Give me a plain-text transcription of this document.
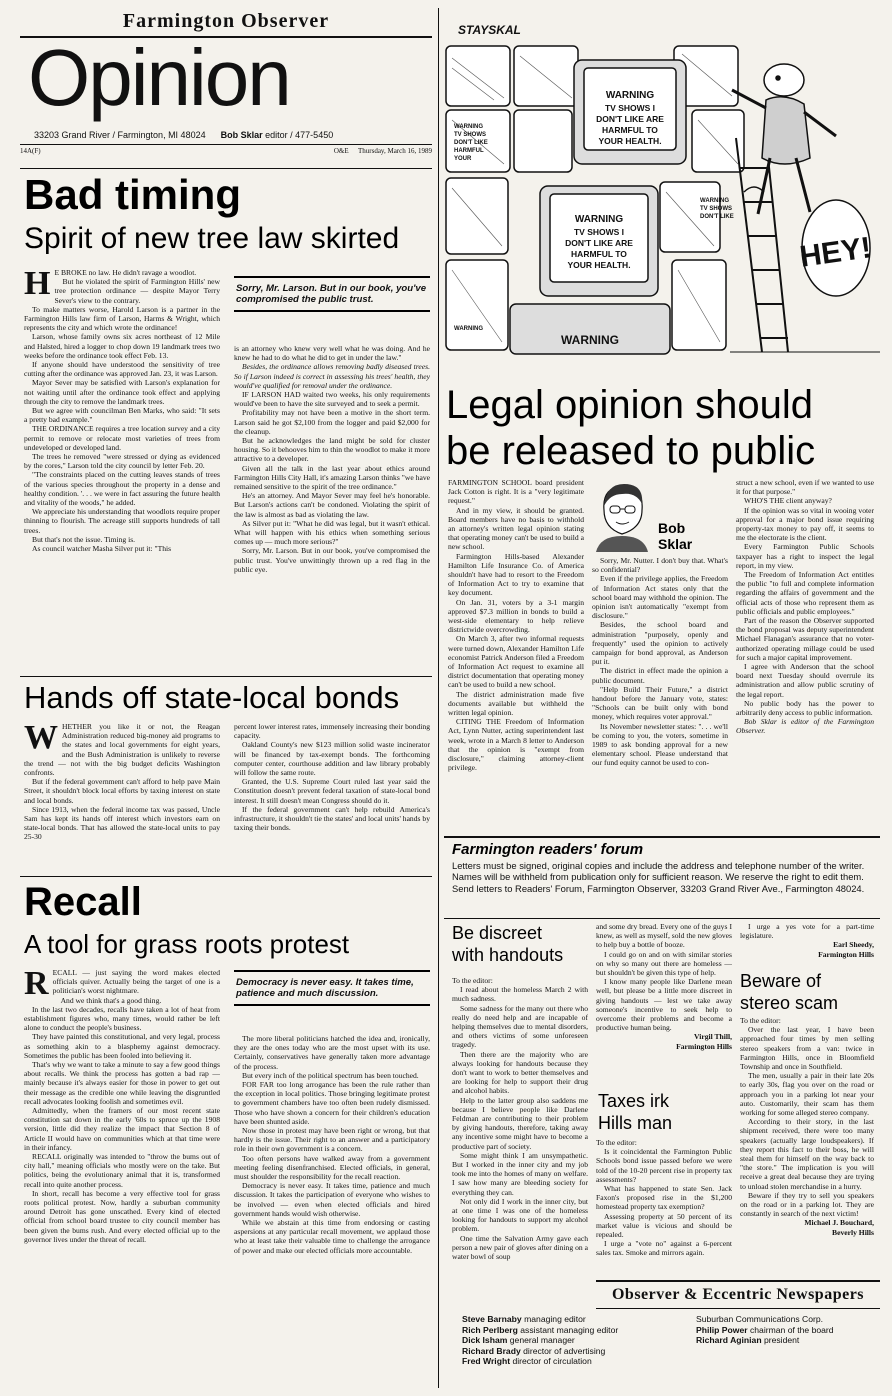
Farmington Observer
Opinion
33203 Grand River / Farmington, MI 48024 Bob Sklar editor / 477-5450
14A(F)	O&E Thursday, March 16, 1989
WARNING
TV SHOWS I
DON'T LIKE ARE
HARMFUL TO
YOUR HEALTH.
WARNING
TV SHOWS I
DON'T LIKE ARE
HARMFUL TO
YOUR HEALTH.
WARNING
WARNING
TV SHOWS
DON'T LIKE
HARMFUL
YOUR
WARNING
TV SHOWS
DON'T LIKE
WARNING
STAYSKAL
HEY!
Bad timing
Spirit of new tree law skirted
H E BROKE no law. He didn't ravage a woodlot.

But he violated the spirit of Farmington Hills' new tree protection ordinance — despite Mayor Terry Sever's view to the contrary.

To make matters worse, Harold Larson is a partner in the Farmington Hills law firm of Larson, Harms & Wright, which represents the city and which wrote the ordinance!

Larson, whose family owns six acres northeast of 12 Mile and Halsted, hired a logger to chop down 19 landmark trees two weeks before the ordinance took effect Feb. 13.

If anyone should have understood the sensitivity of tree cutting after the ordinance was approved Jan. 23, it was Larson.

Mayor Sever may be satisfied with Larson's explanation for not waiting until after the ordinance took effect and applying through the city to remove the landmark trees.

But we agree with councilman Ben Marks, who said: "It sets a pretty bad example."

THE ORDINANCE requires a tree location survey and a city permit to remove or relocate most varieties of trees from undeveloped or developed land.

The trees he removed "were stressed or dying as evidenced by the cores," Larson told the city council by letter Feb. 20.

"The constraints placed on the cutting leaves stands of trees of the various species throughout the property in a dense and healthy condition. '. . . we were in fact assuring the future health and vitality of the woods," he added.

We appreciate his understanding that woodlots require proper thinning to flourish. The acreage still supports hundreds of tall trees.

But that's not the issue. Timing is.

As council watcher Masha Silver put it: "This

Sorry, Mr. Larson. But in our book, you've compromised the public trust.

is an attorney who knew very well what he was doing. And he knew he had to do what he did to get in under the law."

Besides, the ordinance allows removing badly diseased trees. So if Larson indeed is correct in assessing his trees' health, they would've qualified for removal under the ordinance.

IF LARSON HAD waited two weeks, his only requirements would've been to have the site surveyed and to seek a permit.

Profitability may not have been a motive in the short term. Larson said he got $2,100 from the logger and paid $2,000 for the cleanup.

But he acknowledges the land might be sold for cluster housing. So it behooves him to thin the woodlot to make it more attractive to a developer.

Given all the talk in the last year about ethics around Farmington Hills City Hall, it's amazing Larson thinks "we have remained sensitive to the spirit of the tree ordinance."

He's an attorney. And Mayor Sever may feel he's honorable. But Larson's actions can't be condoned. Violating the spirit of the law is almost as bad as violating the law.

As Silver put it: "What he did was legal, but it wasn't ethical. What will happen with his ethics when something serious comes up — much more serious?"

Sorry, Mr. Larson. But in our book, you've compromised the public trust. You've unwittingly thrown up a red flag in the public eye.

Hands off state-local bonds
W HETHER you like it or not, the Reagan Administration reduced big-money aid programs to the states and local governments for eight years, and the Bush Administration is unlikely to reverse the trend — not with the big budget deficits Washington confronts.

But if the federal government can't afford to help pave Main Street, it shouldn't block local efforts by taxing interest on state and local bonds.

Since 1913, when the federal income tax was passed, Uncle Sam has kept its hands off interest which investors earn on state-local bonds. That has allowed the state-local units to pay 25-30

percent lower interest rates, immensely increasing their bonding capacity.

Oakland County's new $123 million solid waste incinerator will be financed by tax-exempt bonds. The forthcoming computer center, courthouse addition and law library probably will follow the same route.

Granted, the U.S. Supreme Court ruled last year said the Constitution doesn't prevent federal taxation of state-local bond interest. It still doesn't mean Congress should do it.

If the federal government can't help rebuild America's infrastructure, it shouldn't tie the states' and local units' hands by taxing their bonds.

Recall
A tool for grass roots protest
R ECALL — just saying the word makes elected officials quiver. Actually being the target of one is a politician's worst nightmare.

And we think that's a good thing.

In the last two decades, recalls have taken a lot of heat from establishment figures who, many times, would rather be left alone to conduct the people's business.

They have painted this constitutional, and very legal, process as something akin to a blasphemy against democracy. Sometimes the public has been fooled into believing it.

That's why we want to take a minute to say a few good things about recalls. We think the process has gotten a bad rap — mainly because it's always easier for those in power to get out their message as the credible one while leaving the disgruntled recall advocates looking foolish and sometimes evil.

Admittedly, when the framers of our most recent state constitution sat down in the early '60s to spruce up the 1908 version, little did they realize the impact that Section 8 of Article II would have on communities which at that time were in their infancy.

RECALL originally was intended to "throw the bums out of city hall," meaning officials who mostly were on the take. But politics, being the evolutionary animal that it is, transformed recall into quite another process.

In short, recall has become a very effective tool for grass roots political protest. Now, hardly a suburban community around Detroit has gone unscathed. Every kind of elected official from school board trustee to city council member has been given the bums rush. And every elected official up to the governor lives under the threat of recall.

Democracy is never easy. It takes time, patience and much discussion.

The more liberal politicians hatched the idea and, ironically, they are the ones today who are the most upset with its use. Certainly, conservatives have generally taken more advantage of the process.

But every inch of the political spectrum has been touched.

FOR FAR too long arrogance has been the rule rather than the exception in local politics. Those bringing legitimate protest to government chambers have too often been rudely dismissed. Those who have shown a concern for their children's education have been shunted aside.

Now those in protest may have been right or wrong, but that hardly is the issue. Their right to an answer and a participatory role in their own government is a concern.

Too often persons have walked away from a government meeting feeling disenfranchised. Elected officials, in general, must shoulder the responsibility for the recall reaction.

Democracy is never easy. It takes time, patience and much discussion. It takes the participation of everyone who wishes to be involved — even when elected officials and hired government hands would wish otherwise.

While we abstain at this time from endorsing or casting aspersions at any particular recall movement, we applaud those who at least take their valuable time to challenge the arrogance of power and make our elected officials more accountable.

Legal opinion should
be released to public

FARMINGTON SCHOOL board president Jack Cotton is right. It is a "very legitimate request."

And in my view, it should be granted. Board members have no basis to withhold an attorney's written legal opinion stating that operating money can't be used to build a new school.

Farmington Hills-based Alexander Hamilton Life Insurance Co. of America shouldn't have had to resort to the Freedom of Information Act to try to examine that key document.

On Jan. 31, voters by a 3-1 margin approved $7.3 million in bonds to build a west-side elementary to help relieve districtwide overcrowding.

On March 3, after two informal requests were turned down, Alexander Hamilton Life economist Patrick Anderson filed a Freedom of Information Act request to examine all district documentation that operating money can't be used to build a new school.

The district administration made five documents available but withheld the written legal opinion.

CITING THE Freedom of Information Act, Lynn Nutter, acting superintendent last week, wrote in a March 8 letter to Anderson that the opinion is "exempt from disclosure," claiming attorney-client privilege.

Bob
Sklar

Sorry, Mr. Nutter. I don't buy that. What's so confidential?

Even if the privilege applies, the Freedom of Information Act states only that the school board may withhold the opinion. The opinion isn't automatically "exempt from disclosure."

Besides, the school board and administration "purposely, openly and frequently" used the opinion to actively campaign for bond approval, as Anderson put it.

The district in effect made the opinion a public document.

"Help Build Their Future," a district handout before the January vote, states: "Schools can be built only with bond money, which requires voter approval."

Its November newsletter states: ". . . we'll be coming to you, the voters, sometime in 1989 to ask bonding approval for a new elementary school. Please understand that our fund equity cannot be used to con-

struct a new school, even if we wanted to use it for that purpose."

WHO'S THE client anyway?

If the opinion was so vital in wooing voter approval for a major bond issue requiring property-tax money to pay off, it seems to me the electorate is the client.

Every Farmington Public Schools taxpayer has a right to inspect the legal report, in my view.

The Freedom of Information Act entitles the public "to full and complete information regarding the affairs of government and the official acts of those who represent them as public officials and public employees."

Part of the reason the Observer supported the bond proposal was deputy superintendent Michael Flanagan's assurance that no voter-authorized operating millage could be used for such a major capital improvement.

I agree with Anderson that the school board next Tuesday should overrule its administration and allow public scrutiny of the legal report.

No public body has the power to arbitrarily deny access to public information.

Bob Sklar is editor of the Farmington Observer.

Farmington readers' forum
Letters must be signed, original copies and include the address and telephone number of the writer. Names will be withheld from publication only for sufficient reason. We reserve the right to edit them. Send letters to Readers' Forum, Farmington Observer, 33203 Grand River Ave., Farmington 48024.
Be discreet
with handouts

To the editor:

I read about the homeless March 2 with much sadness.

Some sadness for the many out there who really do need help and are incapable of helping themselves due to mental disorders, and others victims of some unforeseen tragedy.

Then there are the majority who are always looking for handouts because they don't want to work to better themselves and are looking for help to support their drug and alcohol habits.

Help to the latter group also saddens me because I believe people like Darlene Feldman are contributing to their problem by giving handouts, therefore, taking away any incentive some might have to become a productive part of society.

Some might think I am unsympathetic. But I worked in the inner city and my job took me into the homes of many on welfare. I saw how many are bleeding society for everything they can.

Not only did I work in the inner city, but at one time I was one of the homeless looking for handouts to support my alcohol problem.

One time the Salvation Army gave each person a new pair of gloves after dining on a water bowl of soup

and some dry bread. Every one of the guys I knew, as well as myself, sold the new gloves to help buy a bottle of booze.

I could go on and on with similar stories on why so many out there are homeless — but shouldn't be given this type of help.

I know many people like Darlene mean well, but please be a little more discreet in giving handouts — lest we take away someone's incentive to seek help to overcome their problems and become a productive human being.

Virgil Thill,

Farmington Hills

Taxes irk
Hills man

To the editor:

Is it coincidental the Farmington Public Schools bond issue passed before we were told of the 10-20 percent rise in property tax assessments?

What has happened to state Sen. Jack Faxon's proposed rise in the $1,200 homestead property tax exemption?

Assessing property at 50 percent of its market value is vicious and should be repealed.

I urge a "vote no" against a 6-percent sales tax. Smoke and mirrors again.

I urge a yes vote for a part-time legislature.

Earl Sheedy,

Farmington Hills

Beware of
stereo scam

To the editor:

Over the last year, I have been approached four times by men selling stereo speakers from a van: twice in Farmington Hills, once in Bloomfield Township and once in Southfield.

The men, usually a pair in their late 20s to early 30s, flag you over on the road or approach you in a parking lot near your auto. Customarily, their scam has them working for some alleged stereo company.

According to their story, in the last shipment received, there were too many speakers (actually large loudspeakers). If they report this fact to their boss, he will steal them for himself on the way back to "the store." The implication is you will receive a great deal because they are trying to unload stolen merchandise in a hurry.

Beware if they try to sell you speakers on the road or in a parking lot. They are constantly in search of the next victim!

Michael J. Bouchard,

Beverly Hills

Observer & Eccentric Newspapers
Steve Barnaby managing editor
Rich Perlberg assistant managing editor
Dick Isham general manager
Richard Brady director of advertising
Fred Wright director of circulation
Suburban Communications Corp.
Philip Power chairman of the board
Richard Aginian president
